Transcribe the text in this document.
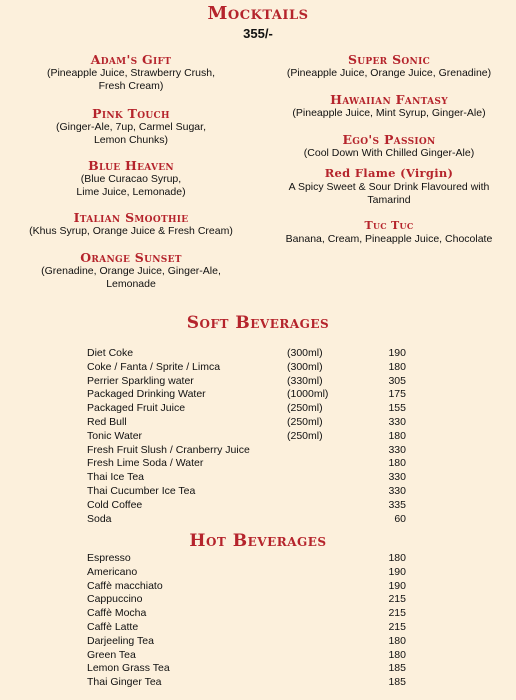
Mocktails
355/-
Adam's Gift
(Pineapple Juice, Strawberry Crush,
Fresh Cream)
Pink Touch
(Ginger-Ale, 7up, Carmel Sugar,
Lemon Chunks)
Blue Heaven
(Blue Curacao Syrup,
Lime Juice, Lemonade)
Italian Smoothie
(Khus Syrup, Orange Juice & Fresh Cream)
Orange Sunset
(Grenadine, Orange Juice, Ginger-Ale,
Lemonade
Super Sonic
(Pineapple Juice, Orange Juice, Grenadine)
Hawaiian Fantasy
(Pineapple Juice, Mint Syrup, Ginger-Ale)
Ego's Passion
(Cool Down With Chilled Ginger-Ale)
Red Flame (Virgin)
A Spicy Sweet & Sour Drink Flavoured with
Tamarind
Tuc Tuc
Banana, Cream, Pineapple Juice, Chocolate
Soft Beverages
Diet Coke	(300ml)	190
Coke / Fanta / Sprite / Limca	(300ml)	180
Perrier Sparkling water	(330ml)	305
Packaged Drinking Water	(1000ml)	175
Packaged Fruit Juice	(250ml)	155
Red Bull	(250ml)	330
Tonic Water	(250ml)	180
Fresh Fruit Slush / Cranberry Juice	330
Fresh Lime Soda / Water	180
Thai Ice Tea	330
Thai Cucumber Ice Tea	330
Cold Coffee	335
Soda	60
Hot Beverages
Espresso	180
Americano	190
Caffè macchiato	190
Cappuccino	215
Caffè Mocha	215
Caffè Latte	215
Darjeeling Tea	180
Green Tea	180
Lemon Grass Tea	185
Thai Ginger Tea	185
